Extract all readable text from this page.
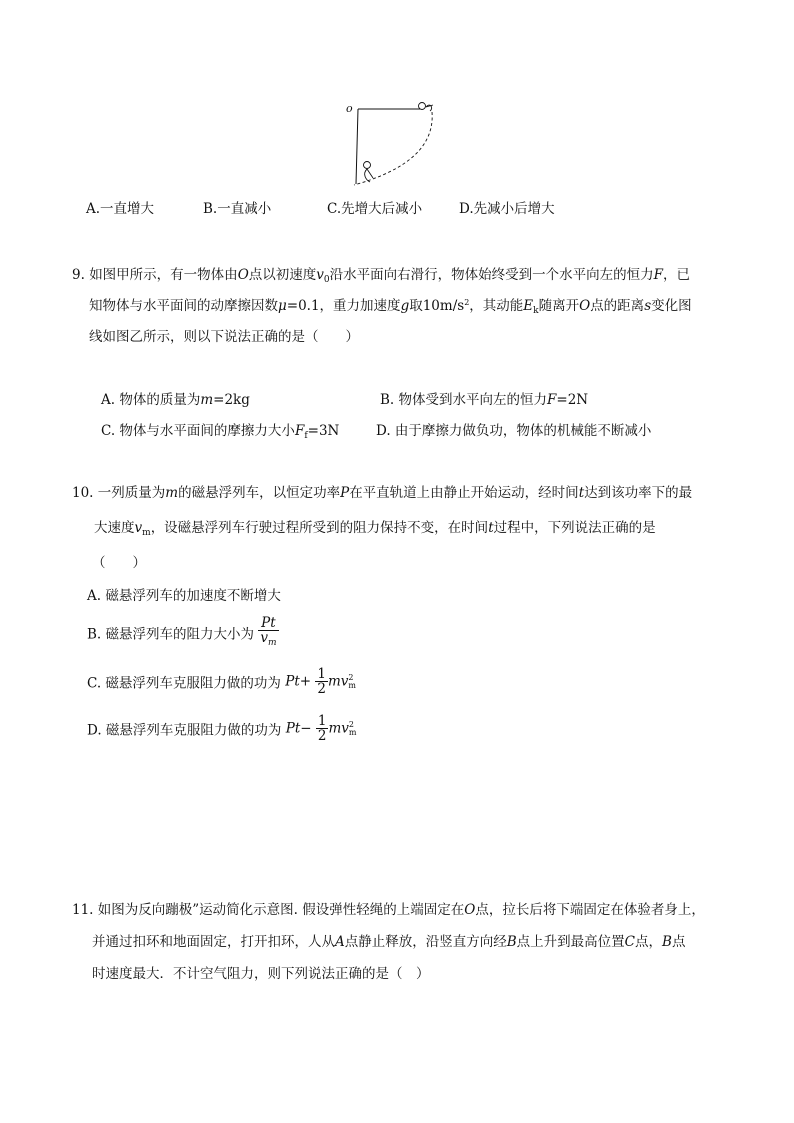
o
A.一直增大	B.一直减小	C.先增大后减小	D.先减小后增大
9. 如图甲所示，有一物体由O点以初速度$v_0$沿水平面向右滑行，物体始终受到一个水平向左的恒力F，已
知物体与水平面间的动摩擦因数μ=0.1，重力加速度g取$10m/s^2$，其动能$E_k$随离开O点的距离s变化图
线如图乙所示，则以下说法正确的是（　　）
A. 物体的质量为m=2kg	B. 物体受到水平向左的恒力F=2N
C. 物体与水平面间的摩擦力大小$F_f=3N$	D. 由于摩擦力做负功，物体的机械能不断减小
10. 一列质量为m的磁悬浮列车，以恒定功率P在平直轨道上由静止开始运动，经时间t达到该功率下的最
大速度$v_m$，设磁悬浮列车行驶过程所受到的阻力保持不变，在时间t过程中，下列说法正确的是
（　　）
A. 磁悬浮列车的加速度不断增大
B. 磁悬浮列车的阻力大小为 $\frac{Pt}{v_m}$
C. 磁悬浮列车克服阻力做的功为 $Pt+ \frac{1}{2}$ mv 2
m
D. 磁悬浮列车克服阻力做的功为 $Pt- \frac{1}{2}$ mv 2
m
11. 如图为反向蹦极”运动简化示意图. 假设弹性轻绳的上端固定在O点，拉长后将下端固定在体验者身上，
并通过扣环和地面固定，打开扣环，人从A点静止释放，沿竖直方向经B点上升到最高位置C点，B点
时速度最大．不计空气阻力，则下列说法正确的是（　）
